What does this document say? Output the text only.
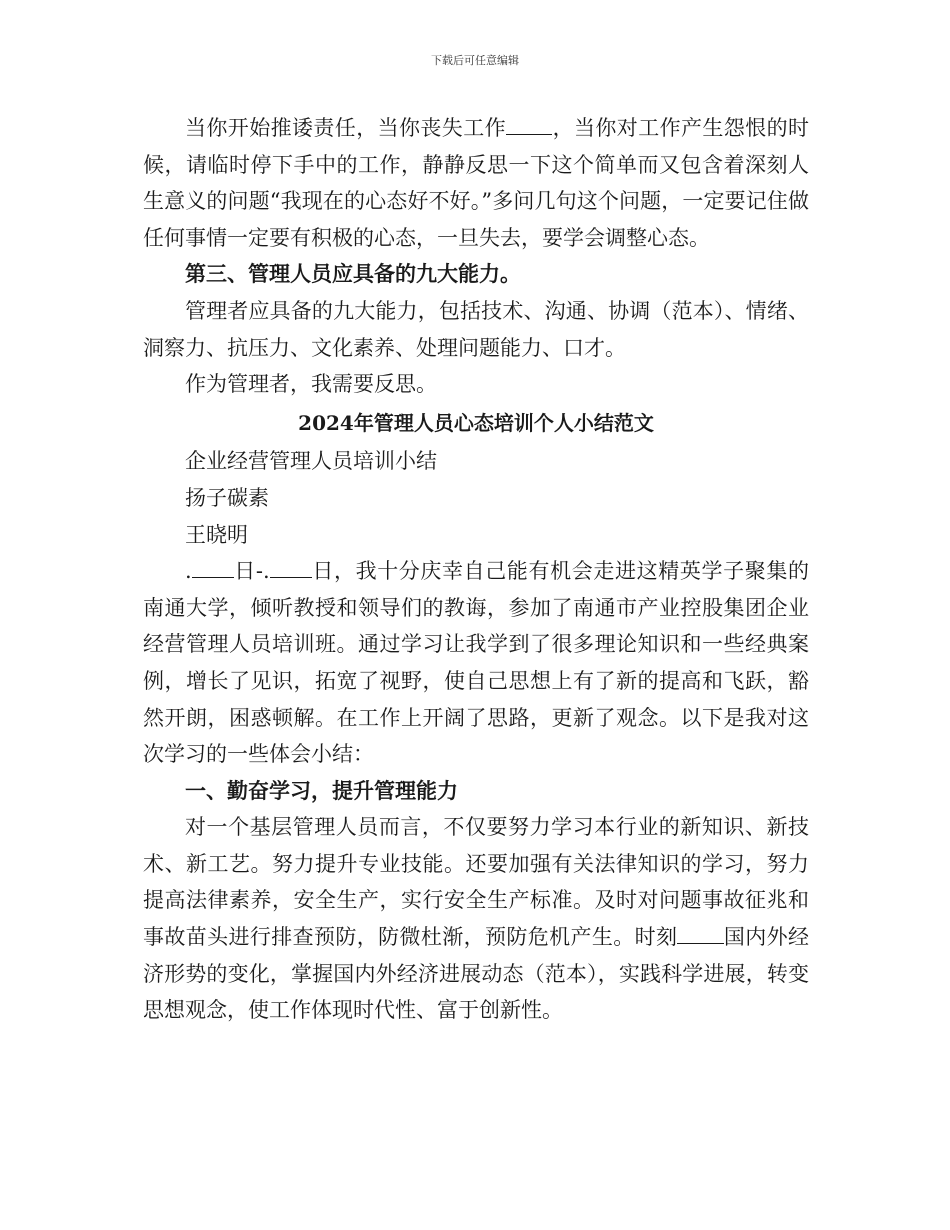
下载后可任意编辑

当你开始推诿责任，当你丧失工作 ，当你对工作产生怨恨的时候，请临时停下手中的工作，静静反思一下这个简单而又包含着深刻人生意义的问题“我现在的心态好不好。”多问几句这个问题，一定要记住做任何事情一定要有积极的心态，一旦失去，要学会调整心态。

第三、管理人员应具备的九大能力。

管理者应具备的九大能力，包括技术、沟通、协调（范本）、情绪、洞察力、抗压力、文化素养、处理问题能力、口才。

作为管理者，我需要反思。

2024年管理人员心态培训个人小结范文

企业经营管理人员培训小结

扬子碳素

王晓明

. 日-. 日，我十分庆幸自己能有机会走进这精英学子聚集的南通大学，倾听教授和领导们的教诲，参加了南通市产业控股集团企业经营管理人员培训班。通过学习让我学到了很多理论知识和一些经典案例，增长了见识，拓宽了视野，使自己思想上有了新的提高和飞跃，豁然开朗，困惑顿解。在工作上开阔了思路，更新了观念。以下是我对这次学习的一些体会小结：

一、勤奋学习，提升管理能力

对一个基层管理人员而言，不仅要努力学习本行业的新知识、新技术、新工艺。努力提升专业技能。还要加强有关法律知识的学习，努力提高法律素养，安全生产，实行安全生产标准。及时对问题事故征兆和事故苗头进行排查预防，防微杜渐，预防危机产生。时刻 国内外经济形势的变化，掌握国内外经济进展动态（范本），实践科学进展，转变思想观念，使工作体现时代性、富于创新性。
